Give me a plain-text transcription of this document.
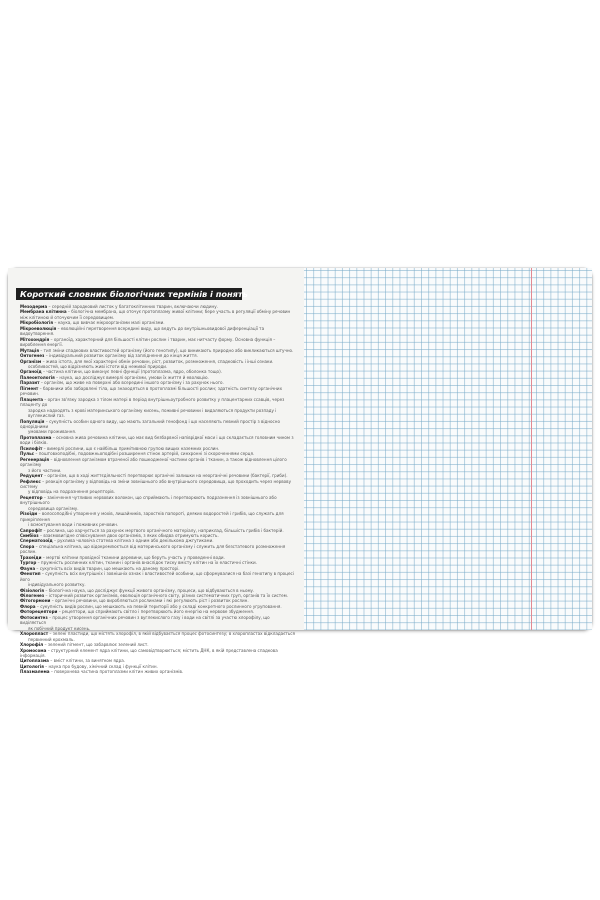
Короткий словник біологічних термінів і понять

Мезодерма – середній зародковий листок у багатоклітинних тварин, включаючи людину.

Мембрана клітинна – біологічна мембрана, що оточує протоплазму живої клітини; бере участь в регуляції обміну речовин між клітиною й оточуючим її середовищем.

Мікробіологія – наука, що вивчає мікроорганізми малі організми.

Мікроеволюція – еволюційні перетворення всередині виду, що ведуть до внутрішньовидової диференціації та видоутворення.

Мітохондрія – органоїд, характерний для більшості клітин рослин і тварин, має нитчасту форму. Основна функція – вироблення енергії.

Мутація – тип зміни спадкових властивостей організму (його генотипу), що виникають природно або викликаються штучно.

Онтогенез – індивідуальний розвиток організму від запліднення до кінця життя.

Організм – жива істота, для якої характерні обмін речовин, ріст, розвиток, розмноження, спадковість і інші ознаки.

особливостей, що відрізняють живі істоти від неживої природи.

Органоїд – частина клітини, що виконує певні функції (протоплазма, ядро, оболонка тощо).

Палеонтологія – наука, що досліджує вимерлі організми, умови їх життя й еволюцію.

Паразит – організм, що живе на поверхні або всередині іншого організму і за рахунок нього.

Пігмент – барвники або забарвлені тіла, що знаходяться в протоплазмі більшості рослин; здатність синтезу органічних речовин.

Плацента – орган зв'язку зародка з тілом матері в період внутрішньоутробного розвитку у плацентарних ссавців, через плаценту до

зародка надходять з крові материнського організму кисень, поживні речовини і видаляються продукти розпаду і вуглекислий газ.

Популяція – сукупність особин одного виду, що мають загальний генофонд і що населяють певний простір з відносно однорідними

умовами проживання.

Протоплазма – основна жива речовина клітини, що має вид безбарвної напіврідкої маси і що складається головним чином з води і білків.

Псилофіт – вимерлі рослини, що є найбільш примітивною групою вищих наземних рослин.

Пульс – поштовхоподібні, подовжньоподібні розширення стінок артерій, синхронні зі скороченнями серця.

Регенерація – відновлення організмом втраченої або пошкодженої частини органів і тканин, а також відновлення цілого організму

з його частини.

Редуцент – організм, що в ході життєдіяльності перетворює органічні залишки на неорганічні речовини (бактерії, гриби).

Рефлекс – реакція організму у відповідь на зміни зовнішнього або внутрішнього середовища, що проходить через нервову систему

у відповідь на подразнення рецепторів.

Рецептор – закінчення чутливих нервових волокон, що сприймають і перетворюють подразнення із зовнішнього або внутрішнього

середовища організму.

Різоїди – волосоподібні утворення у мохів, лишайників, заростків папороті, деяких водоростей і грибів, що служать для прикріплення

і всмоктування води і поживних речовин.

Сапрофіт – рослина, що харчується за рахунок мертвого органічного матеріалу, наприклад, більшість грибів і бактерій.

Симбіоз – взаємовигідне співіснування двох організмів, з яких обидва отримують користь.

Сперматозоїд – рухлива чоловіча статева клітина з одним або декількома джгутиками.

Спора – спеціальна клітина, що відокремлюється від материнського організму і служить для безстатевого розмноження рослин.

Трахеїди – мертві клітини провідної тканини деревини, що беруть участь у проведенні води.

Тургор – пружність рослинних клітин, тканин і органів внаслідок тиску вмісту клітин на їх еластичні стінки.

Фауна – сукупність всіх видів тварин, що мешкають на даному просторі.

Фенотип – сукупність всіх внутрішніх і зовнішніх ознак і властивостей особини, що сформувалися на базі генотипу в процесі його

індивідуального розвитку.

Фізіологія – біологічна наука, що досліджує функції живого організму, процеси, що відбуваються в ньому.

Філогенез – історичний розвиток організмів, еволюція органічного світу, різних систематичних груп, органів та їх систем.

Фітогормони – органічні речовини, що виробляються рослинами і які регулюють ріст і розвиток рослин.

Флора – сукупність видів рослин, що мешкають на певній території або у складі конкретного рослинного угруповання.

Фоторецептори – рецептори, що сприймають світло і перетворюють його енергію на нервове збудження.

Фотосинтез – процес утворення органічних речовин з вуглекислого газу і води на світлі за участю хлорофілу, що виділяється

як побічний продукт кисень.

Хлоропласт – зелені пластиди, що містять хлорофіл, в якій відбувається процес фотосинтезу; в хлоропластах відкладається

первинний крохмаль.

Хлорофіл – зелений пігмент, що забарвлює зелений лист.

Хромосома – структурний елемент ядра клітини, що самовідтворюється; містить ДНК, в якій представлена спадкова інформація.

Цитоплазма – вміст клітини, за винятком ядра.

Цитологія – наука про будову, хімічний склад і функції клітин.

Плазмалема – поверхнева частина протоплазми клітин живих організмів.
